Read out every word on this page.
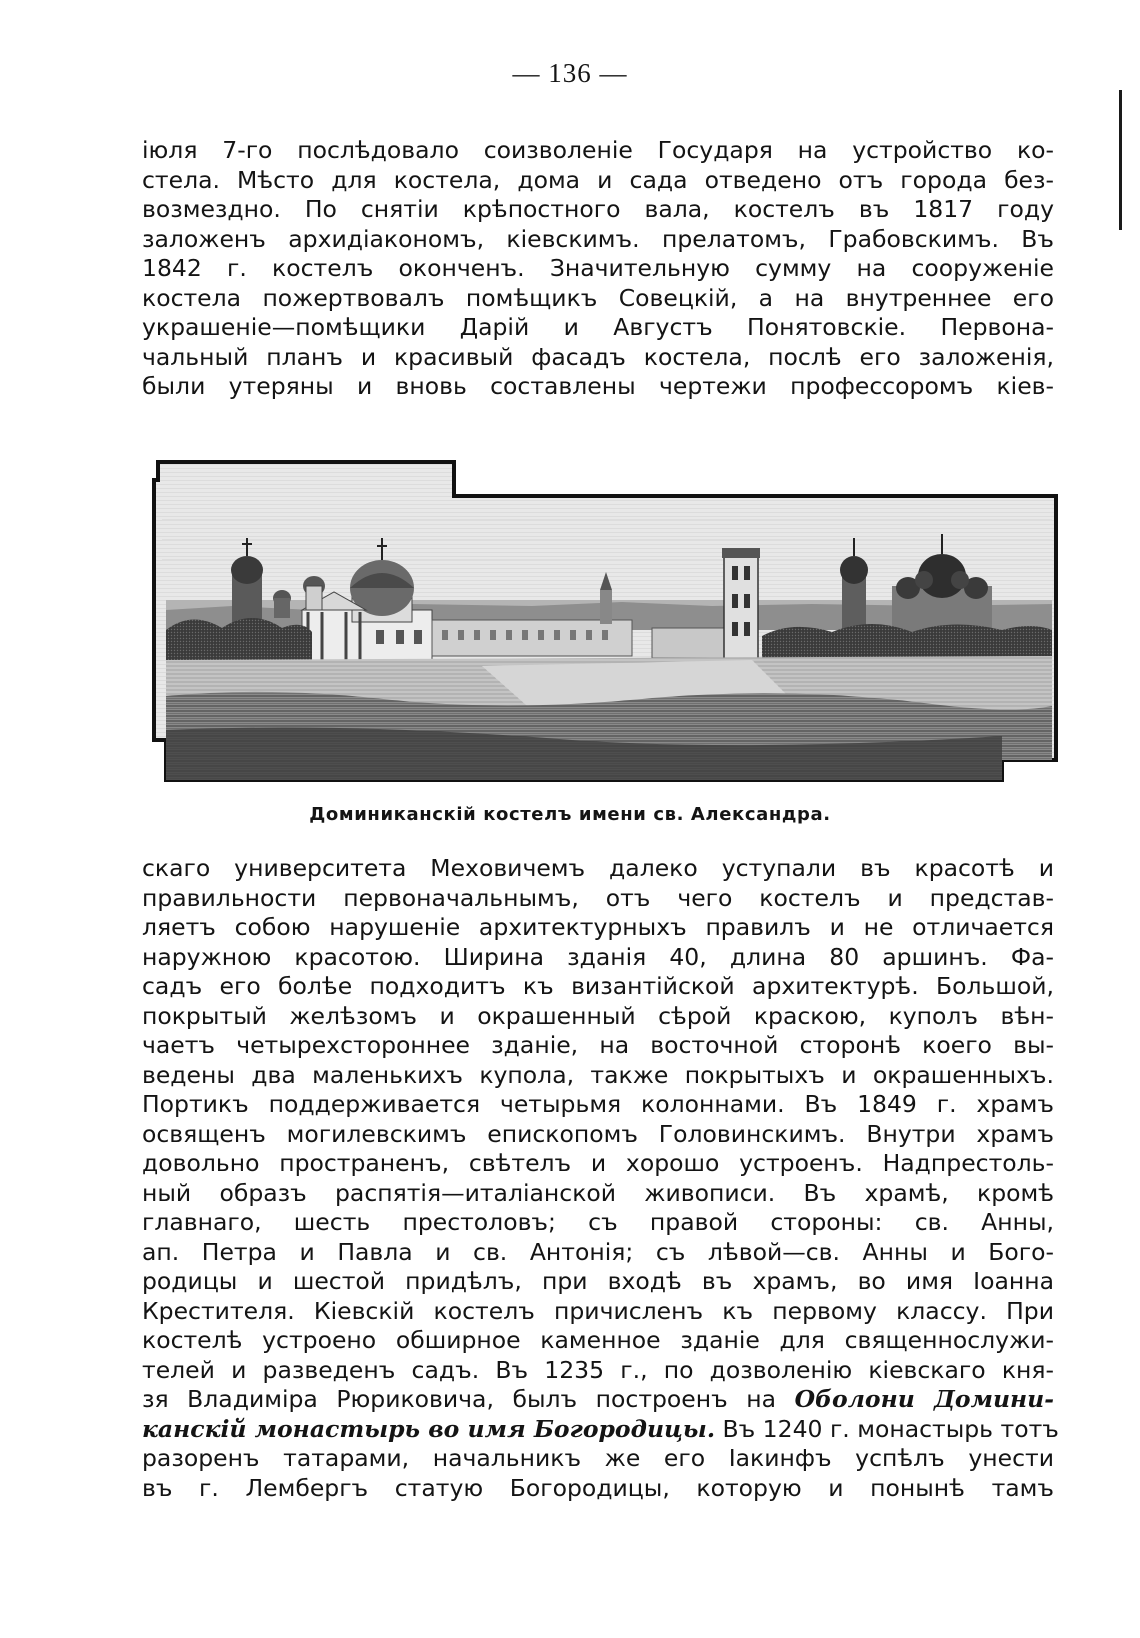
— 136 —
іюля 7-го послѣдовало соизволеніе Государя на устройство ко-
стела. Мѣсто для костела, дома и сада отведено отъ города без-
возмездно. По снятіи крѣпостного вала, костелъ въ 1817 году
заложенъ архидіакономъ, кіевскимъ. прелатомъ, Грабовскимъ. Въ
1842 г. костелъ оконченъ. Значительную сумму на сооруженіе
костела пожертвовалъ помѣщикъ Совецкій, а на внутреннее его
украшеніе—помѣщики Дарій и Августъ Понятовскіе. Первона-
чальный планъ и красивый фасадъ костела, послѣ его заложенія,
были утеряны и вновь составлены чертежи профессоромъ кіев-
Доминиканскій костелъ имени св. Александра.
скаго университета Меховичемъ далеко уступали въ красотѣ и
правильности первоначальнымъ, отъ чего костелъ и представ-
ляетъ собою нарушеніе архитектурныхъ правилъ и не отличается
наружною красотою. Ширина зданія 40, длина 80 аршинъ. Фа-
садъ его болѣе подходитъ къ византійской архитектурѣ. Большой,
покрытый желѣзомъ и окрашенный сѣрой краскою, куполъ вѣн-
чаетъ четырехстороннее зданіе, на восточной сторонѣ коего вы-
ведены два маленькихъ купола, также покрытыхъ и окрашенныхъ.
Портикъ поддерживается четырьмя колоннами. Въ 1849 г. храмъ
освященъ могилевскимъ епископомъ Головинскимъ. Внутри храмъ
довольно пространенъ, свѣтелъ и хорошо устроенъ. Надпрестоль-
ный образъ распятія—италіанской живописи. Въ храмѣ, кромѣ
главнаго, шесть престоловъ; съ правой стороны: св. Анны,
ап. Петра и Павла и св. Антонія; съ лѣвой—св. Анны и Бого-
родицы и шестой придѣлъ, при входѣ въ храмъ, во имя Іоанна
Крестителя. Кіевскій костелъ причисленъ къ первому классу. При
костелѣ устроено обширное каменное зданіе для священнослужи-
телей и разведенъ садъ. Въ 1235 г., по дозволенію кіевскаго кня-
зя Владиміра Рюриковича, былъ построенъ на Оболони Домини-
канскій монастырь во имя Богородицы. Въ 1240 г. монастырь тотъ
разоренъ татарами, начальникъ же его Іакинфъ успѣлъ унести
въ г. Лембергъ статую Богородицы, которую и понынѣ тамъ
